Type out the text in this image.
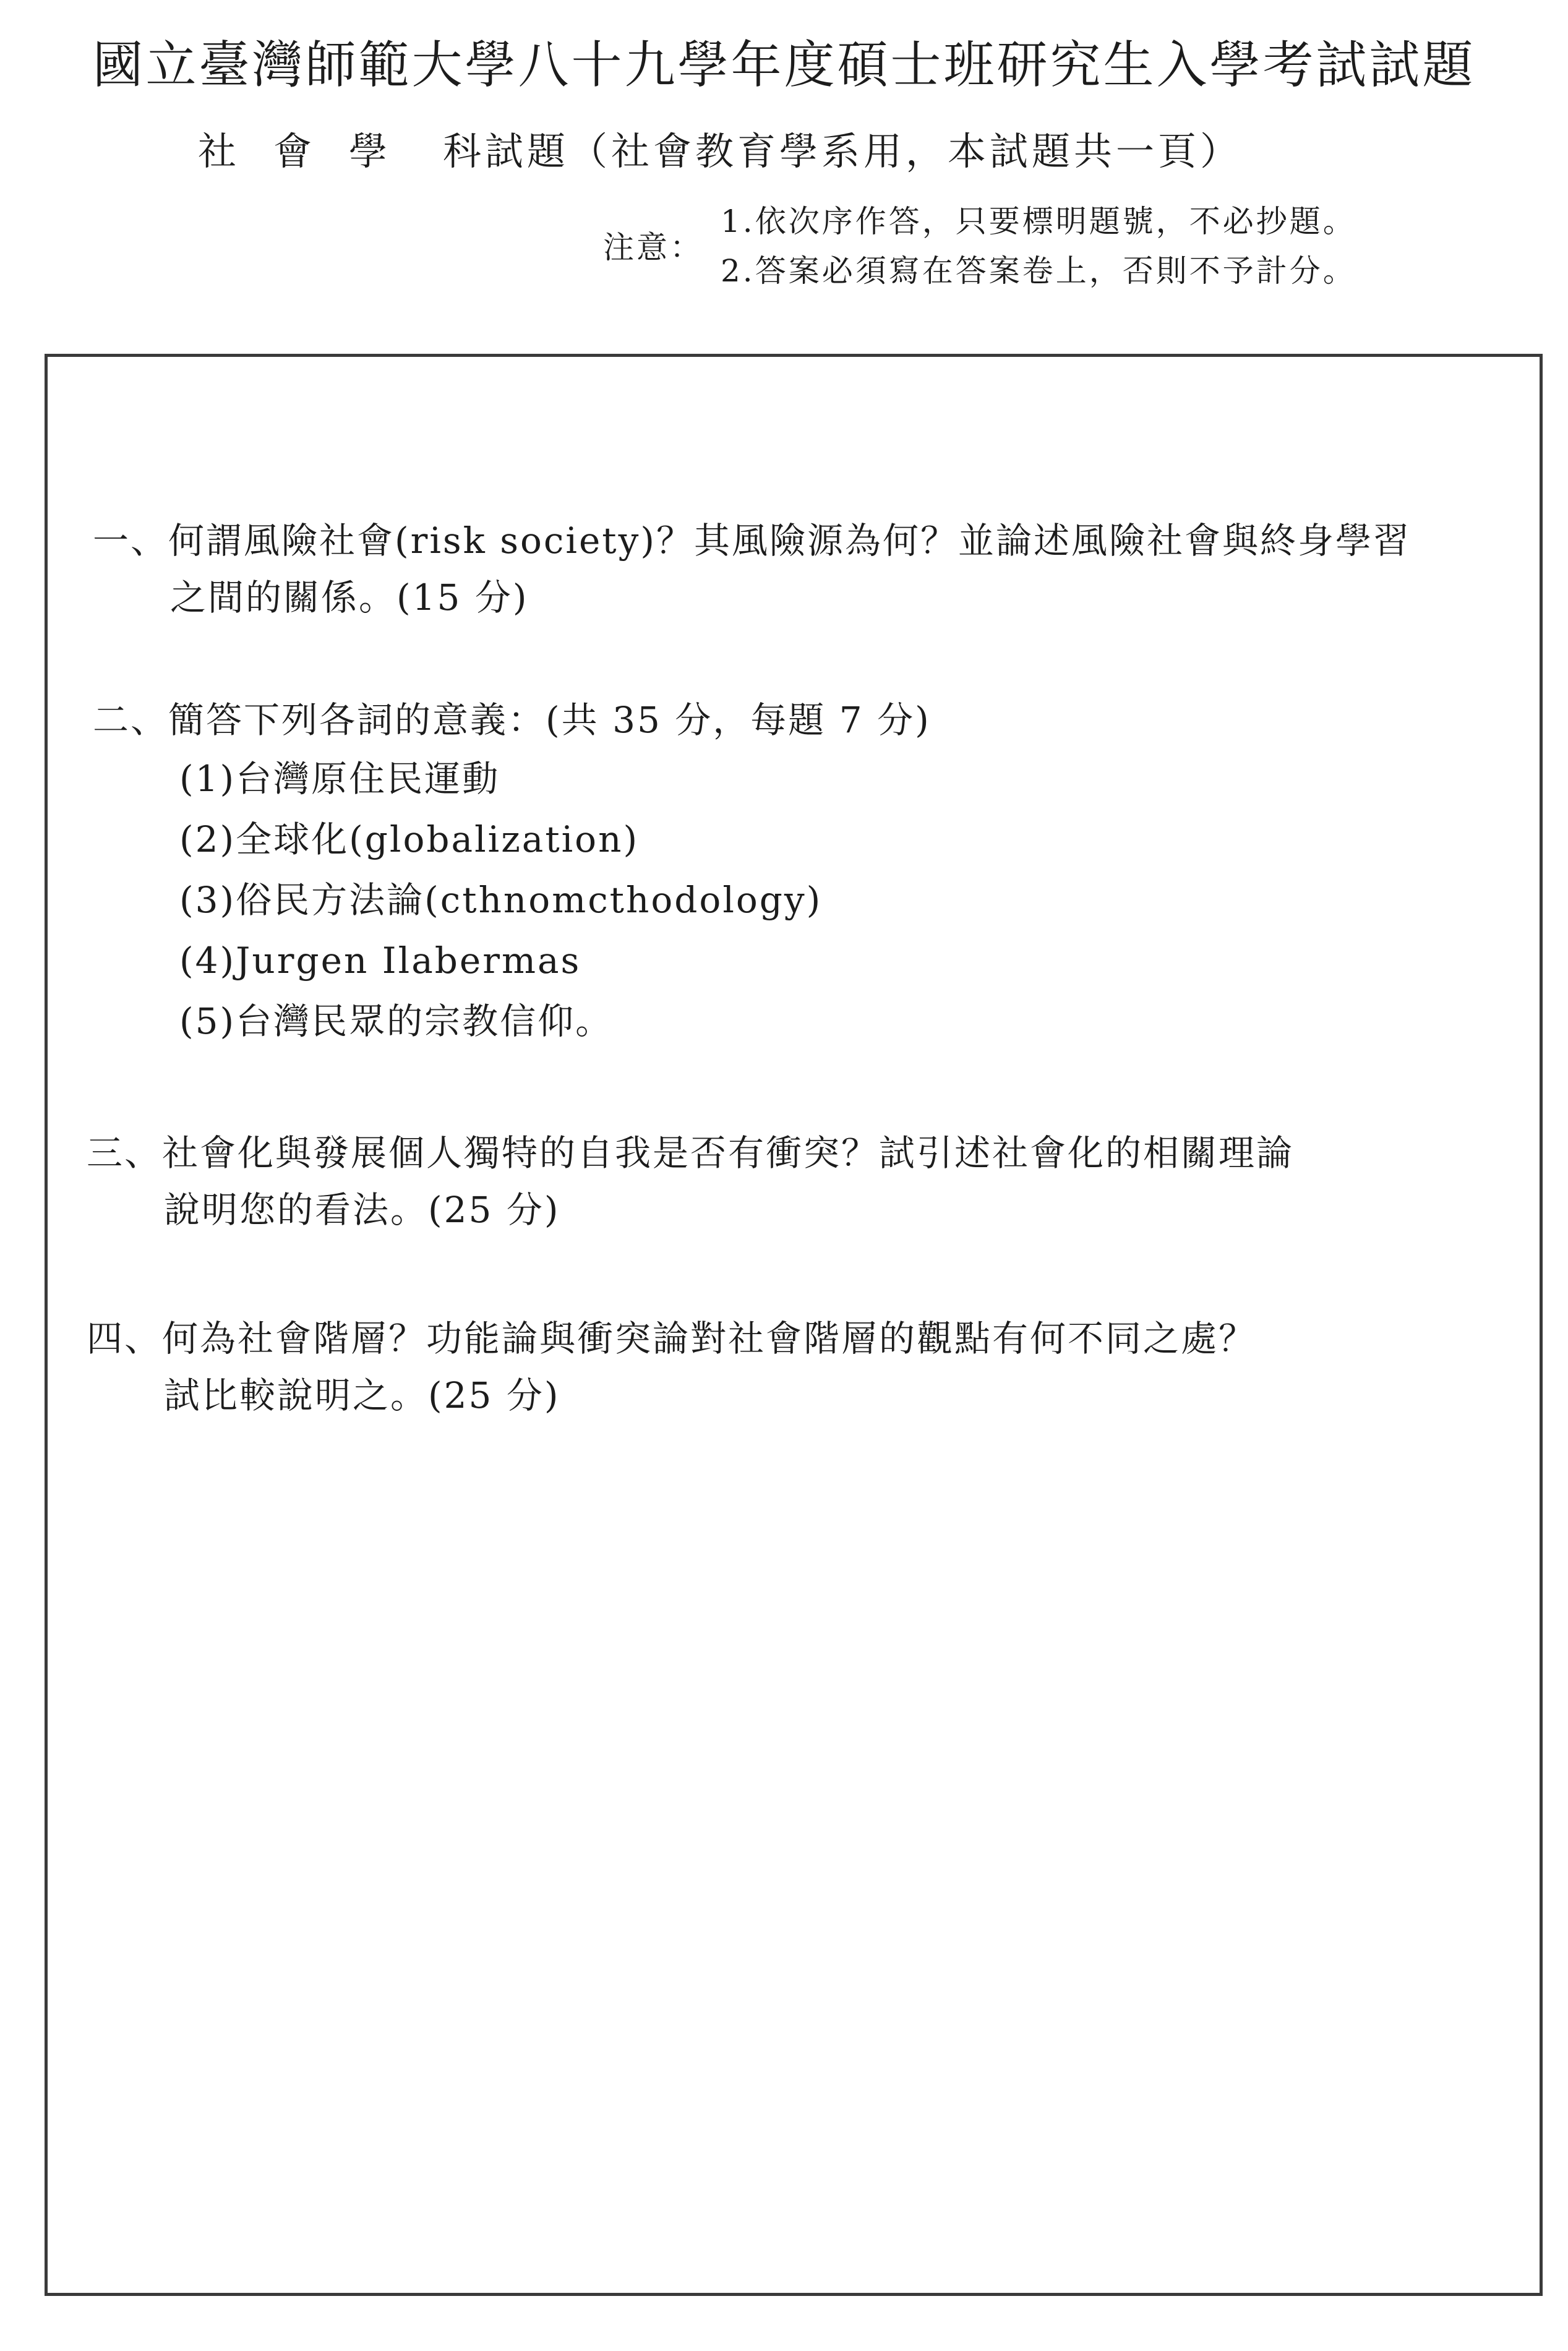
國立臺灣師範大學八十九學年度碩士班研究生入學考試試題
社會學 科試題（社會教育學系用，本試題共一頁）
注意：
1.依次序作答，只要標明題號，不必抄題。
2.答案必須寫在答案卷上，否則不予計分。
一、何謂風險社會(risk society)？其風險源為何？並論述風險社會與終身學習
之間的關係。(15 分)
二、簡答下列各詞的意義：(共 35 分，每題 7 分)
(1)台灣原住民運動
(2)全球化(globalization)
(3)俗民方法論(cthnomcthodology)
(4)Jurgen Ilabermas
(5)台灣民眾的宗教信仰。
三、社會化與發展個人獨特的自我是否有衝突？試引述社會化的相關理論
說明您的看法。(25 分)
四、何為社會階層？功能論與衝突論對社會階層的觀點有何不同之處？
試比較說明之。(25 分)
